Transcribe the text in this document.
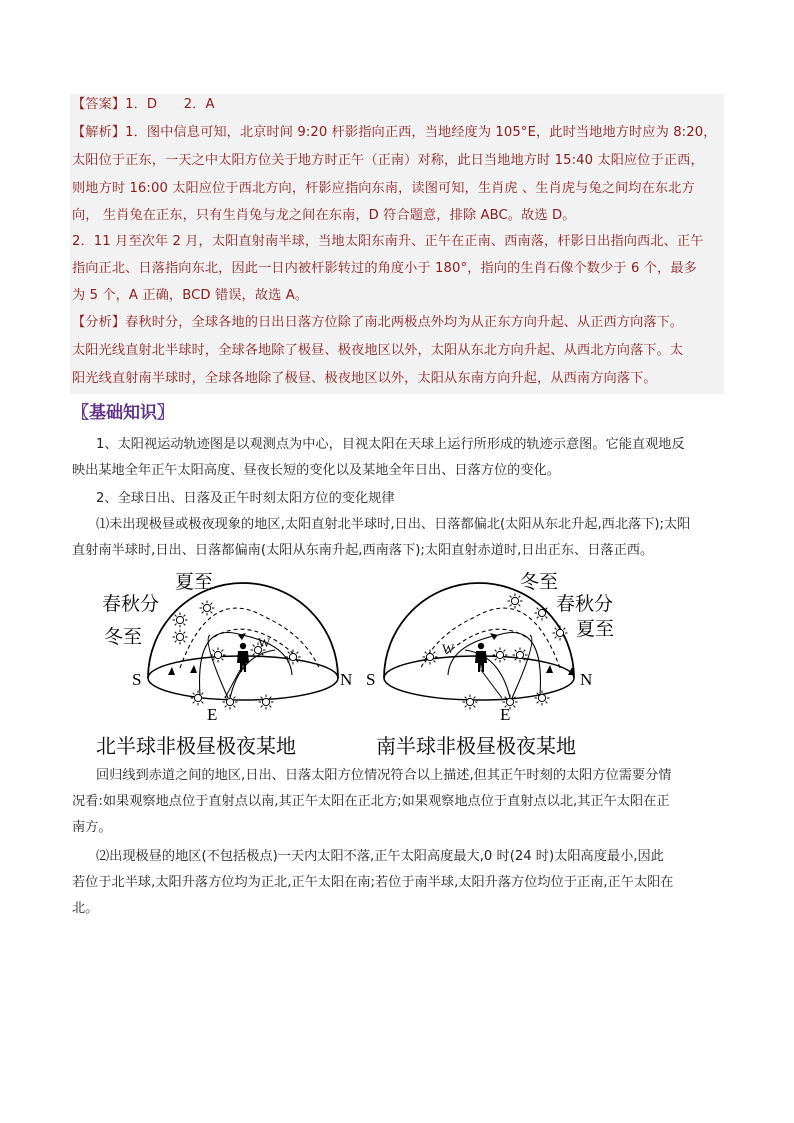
【答案】1．D　　2．A
【解析】1．图中信息可知，北京时间 9:20 杆影指向正西，当地经度为 105°E，此时当地地方时应为 8:20，
太阳位于正东，一天之中太阳方位关于地方时正午（正南）对称，此日当地地方时 15:40 太阳应位于正西，
则地方时 16:00 太阳应位于西北方向，杆影应指向东南，读图可知，生肖虎 、生肖虎与兔之间均在东北方
向， 生肖兔在正东，只有生肖兔与龙之间在东南，D 符合题意，排除 ABC。故选 D。
2．11 月至次年 2 月，太阳直射南半球，当地太阳东南升、正午在正南、西南落，杆影日出指向西北、正午
指向正北、日落指向东北，因此一日内被杆影转过的角度小于 180°，指向的生肖石像个数少于 6 个，最多
为 5 个，A 正确，BCD 错误，故选 A。
【分析】春秋时分，全球各地的日出日落方位除了南北两极点外均为从正东方向升起、从正西方向落下。
太阳光线直射北半球时，全球各地除了极昼、极夜地区以外，太阳从东北方向升起、从西北方向落下。太
阳光线直射南半球时，全球各地除了极昼、极夜地区以外，太阳从东南方向升起，从西南方向落下。
〖基础知识〗
1、太阳视运动轨迹图是以观测点为中心，目视太阳在天球上运行所形成的轨迹示意图。它能直观地反
映出某地全年正午太阳高度、昼夜长短的变化以及某地全年日出、日落方位的变化。
2、全球日出、日落及正午时刻太阳方位的变化规律
⑴未出现极昼或极夜现象的地区,太阳直射北半球时,日出、日落都偏北(太阳从东北升起,西北落下);太阳
直射南半球时,日出、日落都偏南(太阳从东南升起,西南落下);太阳直射赤道时,日出正东、日落正西。
夏至
春秋分
冬至
S	N
E
W
北半球非极昼极夜某地
冬至
春秋分
夏至
S	N
E
W
南半球非极昼极夜某地
回归线到赤道之间的地区,日出、日落太阳方位情况符合以上描述,但其正午时刻的太阳方位需要分情
况看:如果观察地点位于直射点以南,其正午太阳在正北方;如果观察地点位于直射点以北,其正午太阳在正
南方。
⑵出现极昼的地区(不包括极点)一天内太阳不落,正午太阳高度最大,0 时(24 时)太阳高度最小,因此
若位于北半球,太阳升落方位均为正北,正午太阳在南;若位于南半球,太阳升落方位均位于正南,正午太阳在
北。
